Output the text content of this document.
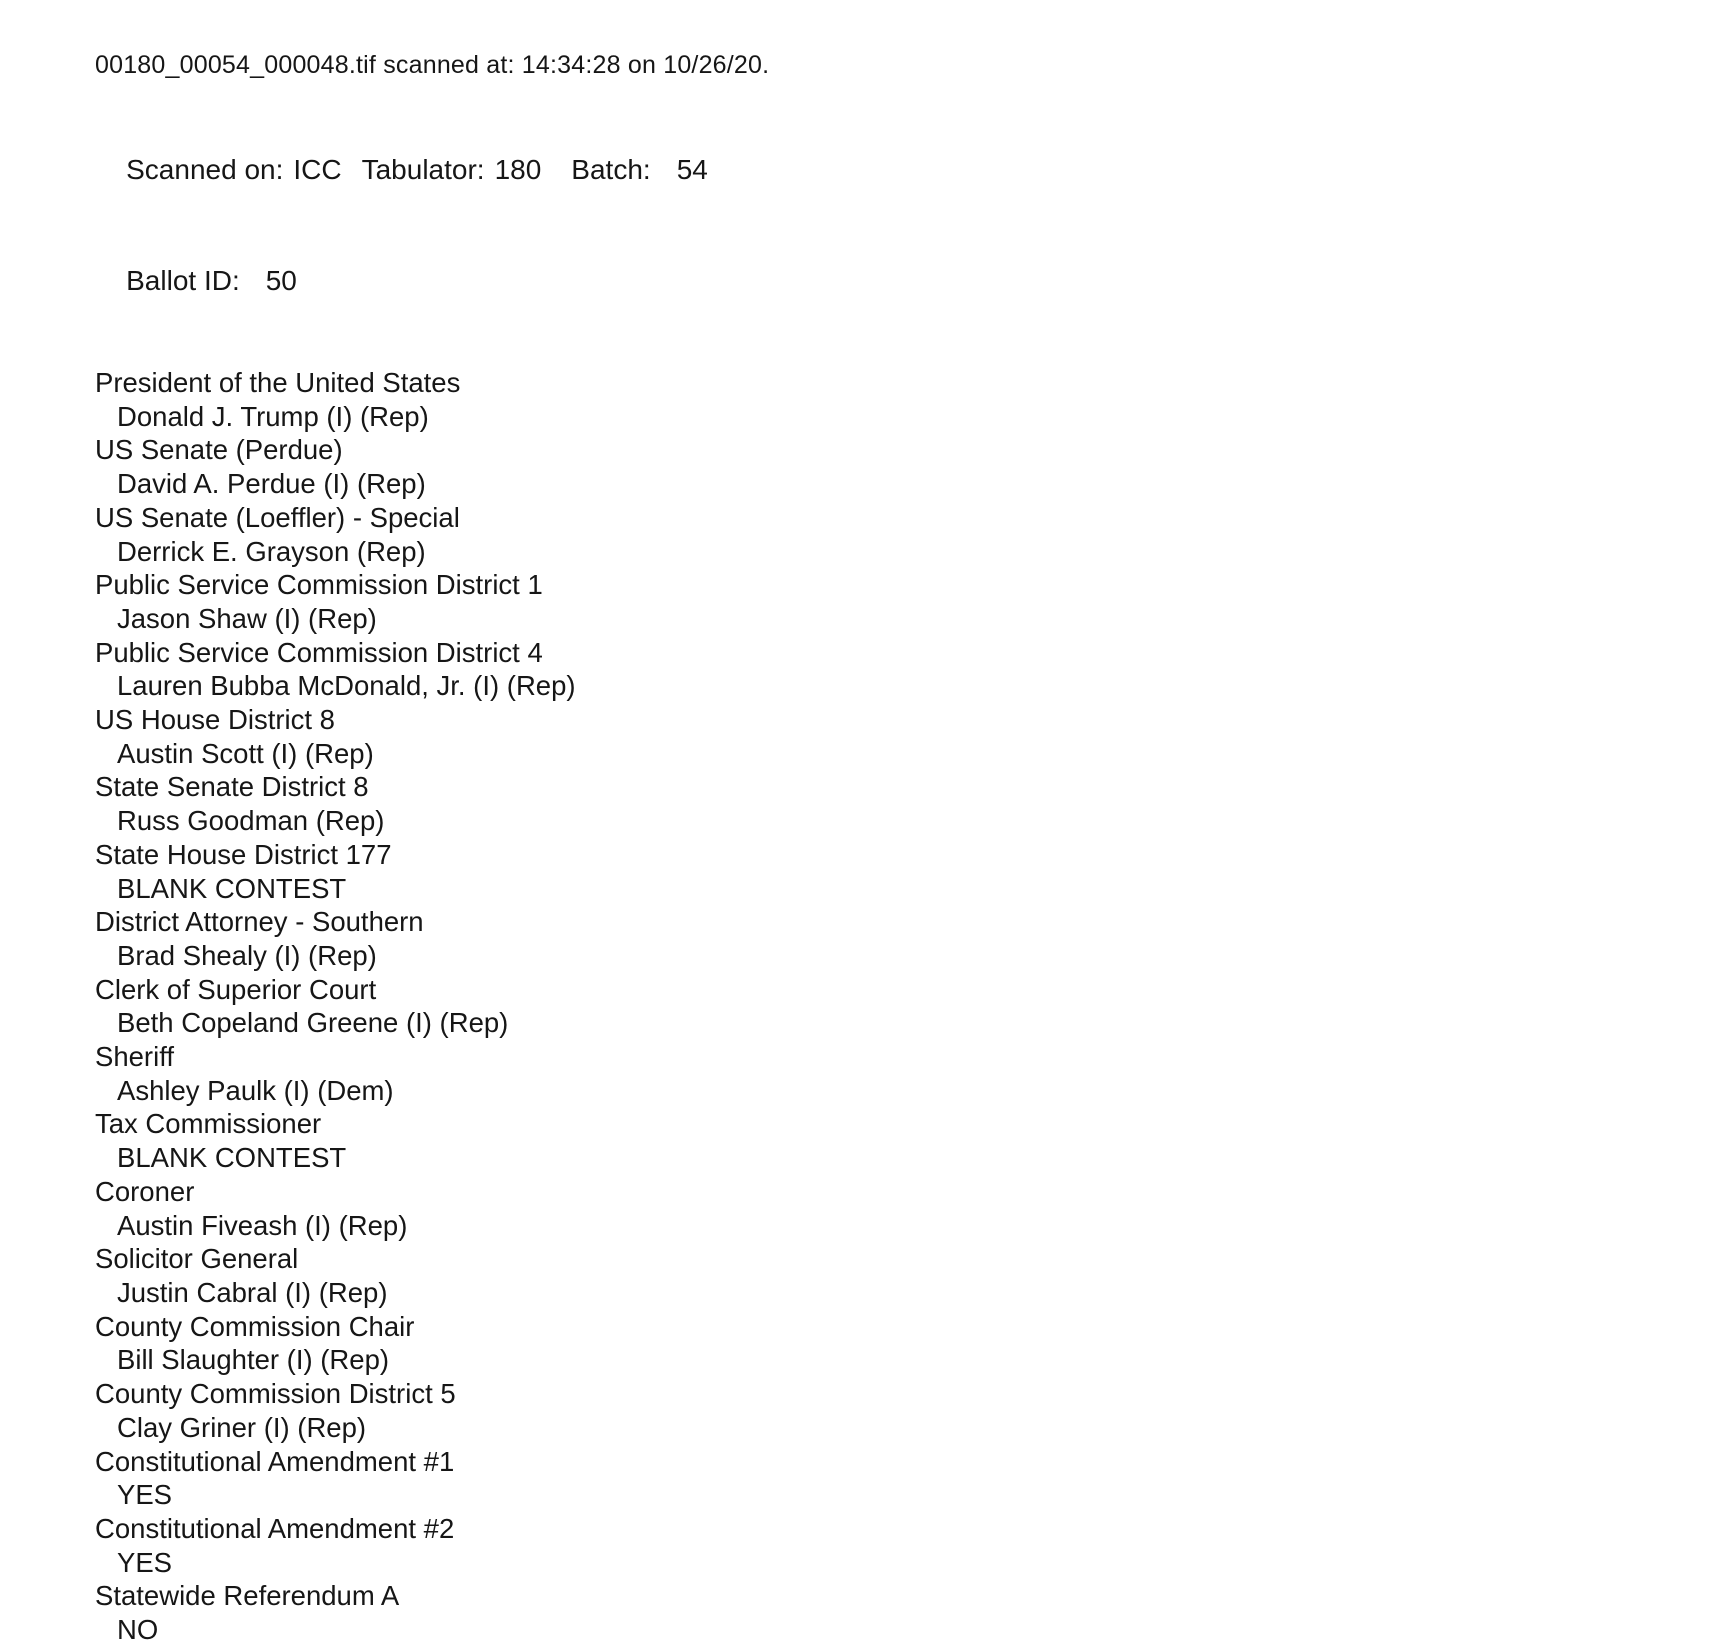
00180_00054_000048.tif scanned at: 14:34:28 on 10/26/20.

Scanned on: ICC Tabulator: 180 Batch: 54

Ballot ID: 50

President of the United States
Donald J. Trump (I) (Rep)
US Senate (Perdue)
David A. Perdue (I) (Rep)
US Senate (Loeffler) - Special
Derrick E. Grayson (Rep)
Public Service Commission District 1
Jason Shaw (I) (Rep)
Public Service Commission District 4
Lauren Bubba McDonald, Jr. (I) (Rep)
US House District 8
Austin Scott (I) (Rep)
State Senate District 8
Russ Goodman (Rep)
State House District 177
BLANK CONTEST
District Attorney - Southern
Brad Shealy (I) (Rep)
Clerk of Superior Court
Beth Copeland Greene (I) (Rep)
Sheriff
Ashley Paulk (I) (Dem)
Tax Commissioner
BLANK CONTEST
Coroner
Austin Fiveash (I) (Rep)
Solicitor General
Justin Cabral (I) (Rep)
County Commission Chair
Bill Slaughter (I) (Rep)
County Commission District 5
Clay Griner (I) (Rep)
Constitutional Amendment #1
YES
Constitutional Amendment #2
YES
Statewide Referendum A
NO
